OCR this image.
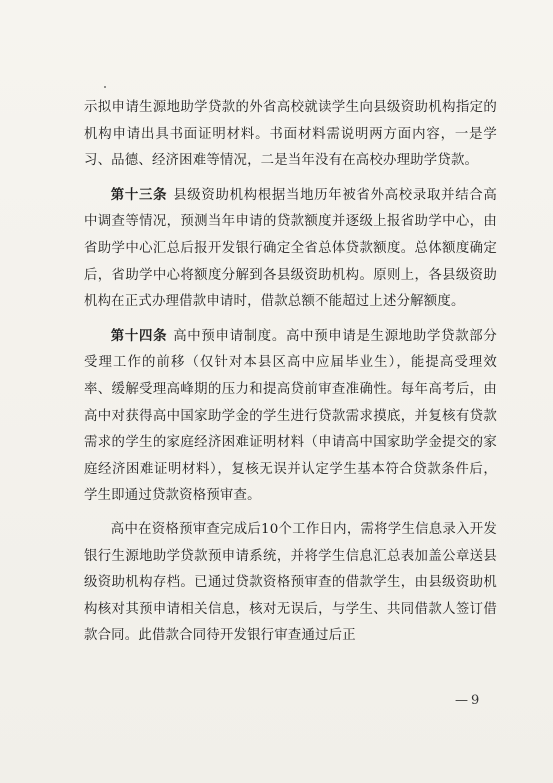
示拟申请生源地助学贷款的外省高校就读学生向县级资助机构指定的机构申请出具书面证明材料。书面材料需说明两方面内容，一是学习、品德、经济困难等情况，二是当年没有在高校办理助学贷款。

第十三条 县级资助机构根据当地历年被省外高校录取并结合高中调查等情况，预测当年申请的贷款额度并逐级上报省助学中心，由省助学中心汇总后报开发银行确定全省总体贷款额度。总体额度确定后，省助学中心将额度分解到各县级资助机构。原则上，各县级资助机构在正式办理借款申请时，借款总额不能超过上述分解额度。

第十四条 高中预申请制度。高中预申请是生源地助学贷款部分受理工作的前移（仅针对本县区高中应届毕业生），能提高受理效率、缓解受理高峰期的压力和提高贷前审查准确性。每年高考后，由高中对获得高中国家助学金的学生进行贷款需求摸底，并复核有贷款需求的学生的家庭经济困难证明材料（申请高中国家助学金提交的家庭经济困难证明材料），复核无误并认定学生基本符合贷款条件后，学生即通过贷款资格预审查。

高中在资格预审查完成后10个工作日内，需将学生信息录入开发银行生源地助学贷款预申请系统，并将学生信息汇总表加盖公章送县级资助机构存档。已通过贷款资格预审查的借款学生，由县级资助机构核对其预申请相关信息，核对无误后，与学生、共同借款人签订借款合同。此借款合同待开发银行审查通过后正

— 9
